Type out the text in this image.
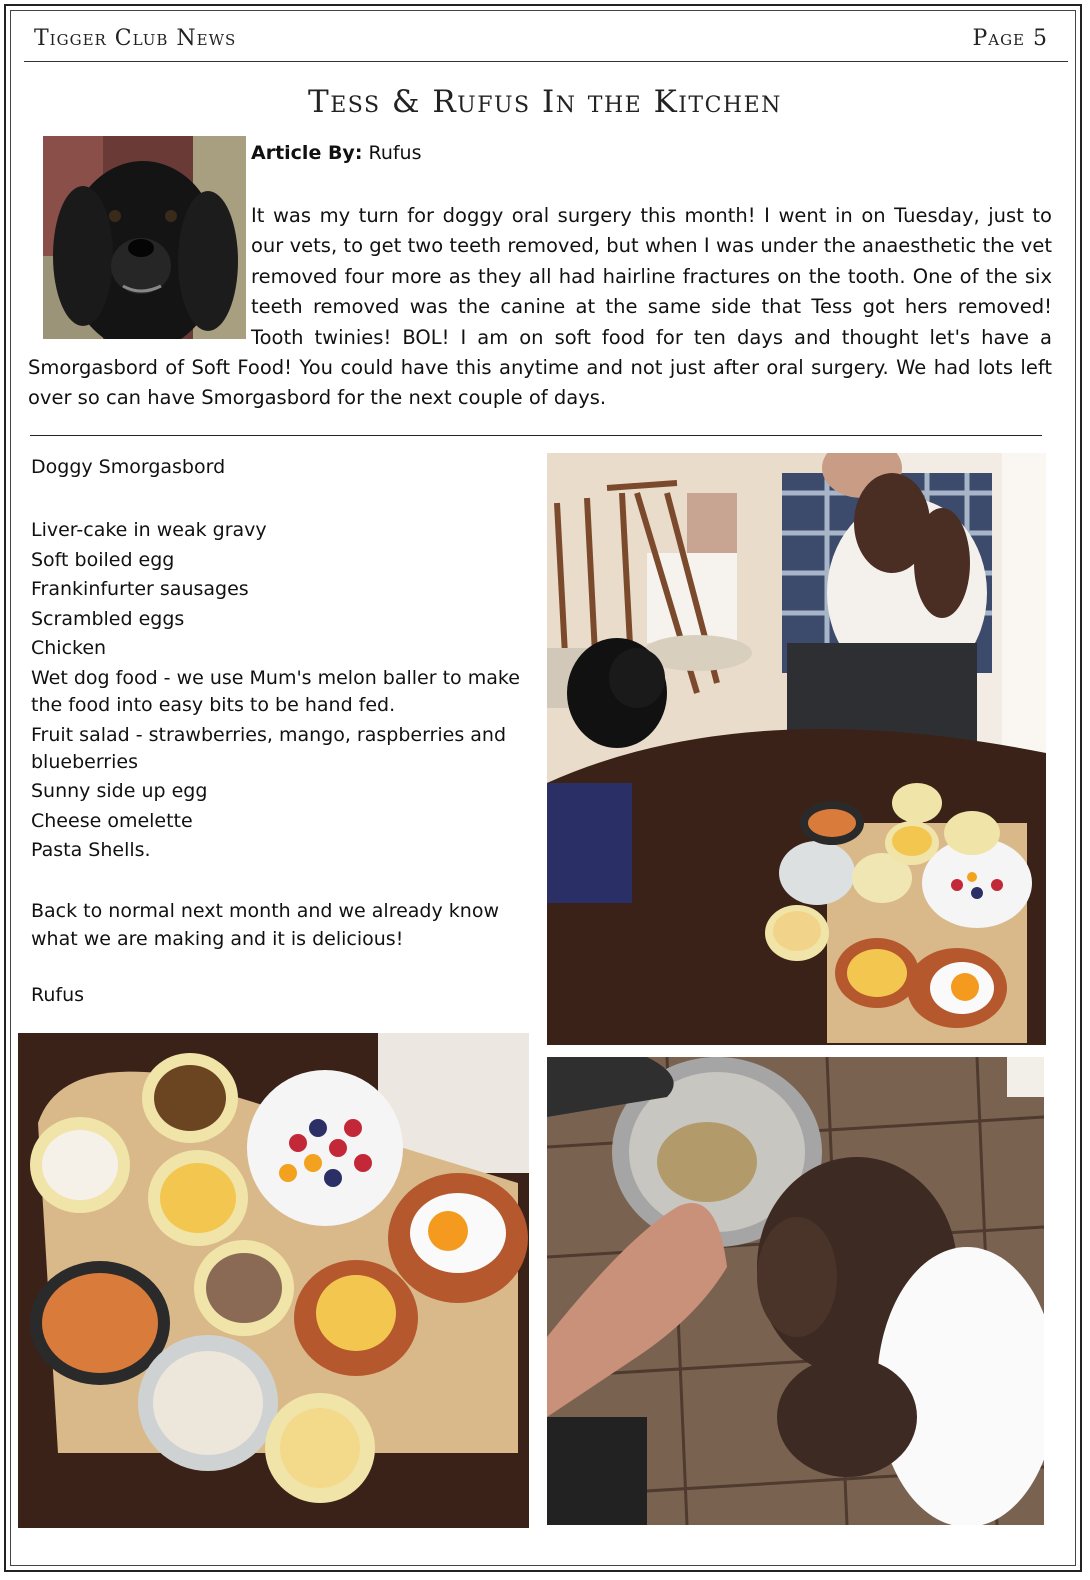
Tigger Club News	Page 5
Tess & Rufus In the Kitchen
Article By: Rufus

It was my turn for doggy oral surgery this month! I went in on Tuesday, just to our vets, to get two teeth removed, but when I was under the anaesthetic the vet removed four more as they all had hairline fractures on the tooth. One of the six teeth removed was the canine at the same side that Tess got hers removed! Tooth twinies! BOL! I am on soft food for ten days and thought let's have a Smorgasbord of Soft Food! You could have this anytime and not just after oral surgery. We had lots left over so can have Smorgasbord for the next couple of days.

Doggy Smorgasbord
Liver-cake in weak gravy
Soft boiled egg
Frankinfurter sausages
Scrambled eggs
Chicken
Wet dog food - we use Mum's melon baller to make the food into easy bits to be hand fed.
Fruit salad - strawberries, mango, raspberries and blueberries
Sunny side up egg
Cheese omelette
Pasta Shells.
Back to normal next month and we already know what we are making and it is delicious!
Rufus
